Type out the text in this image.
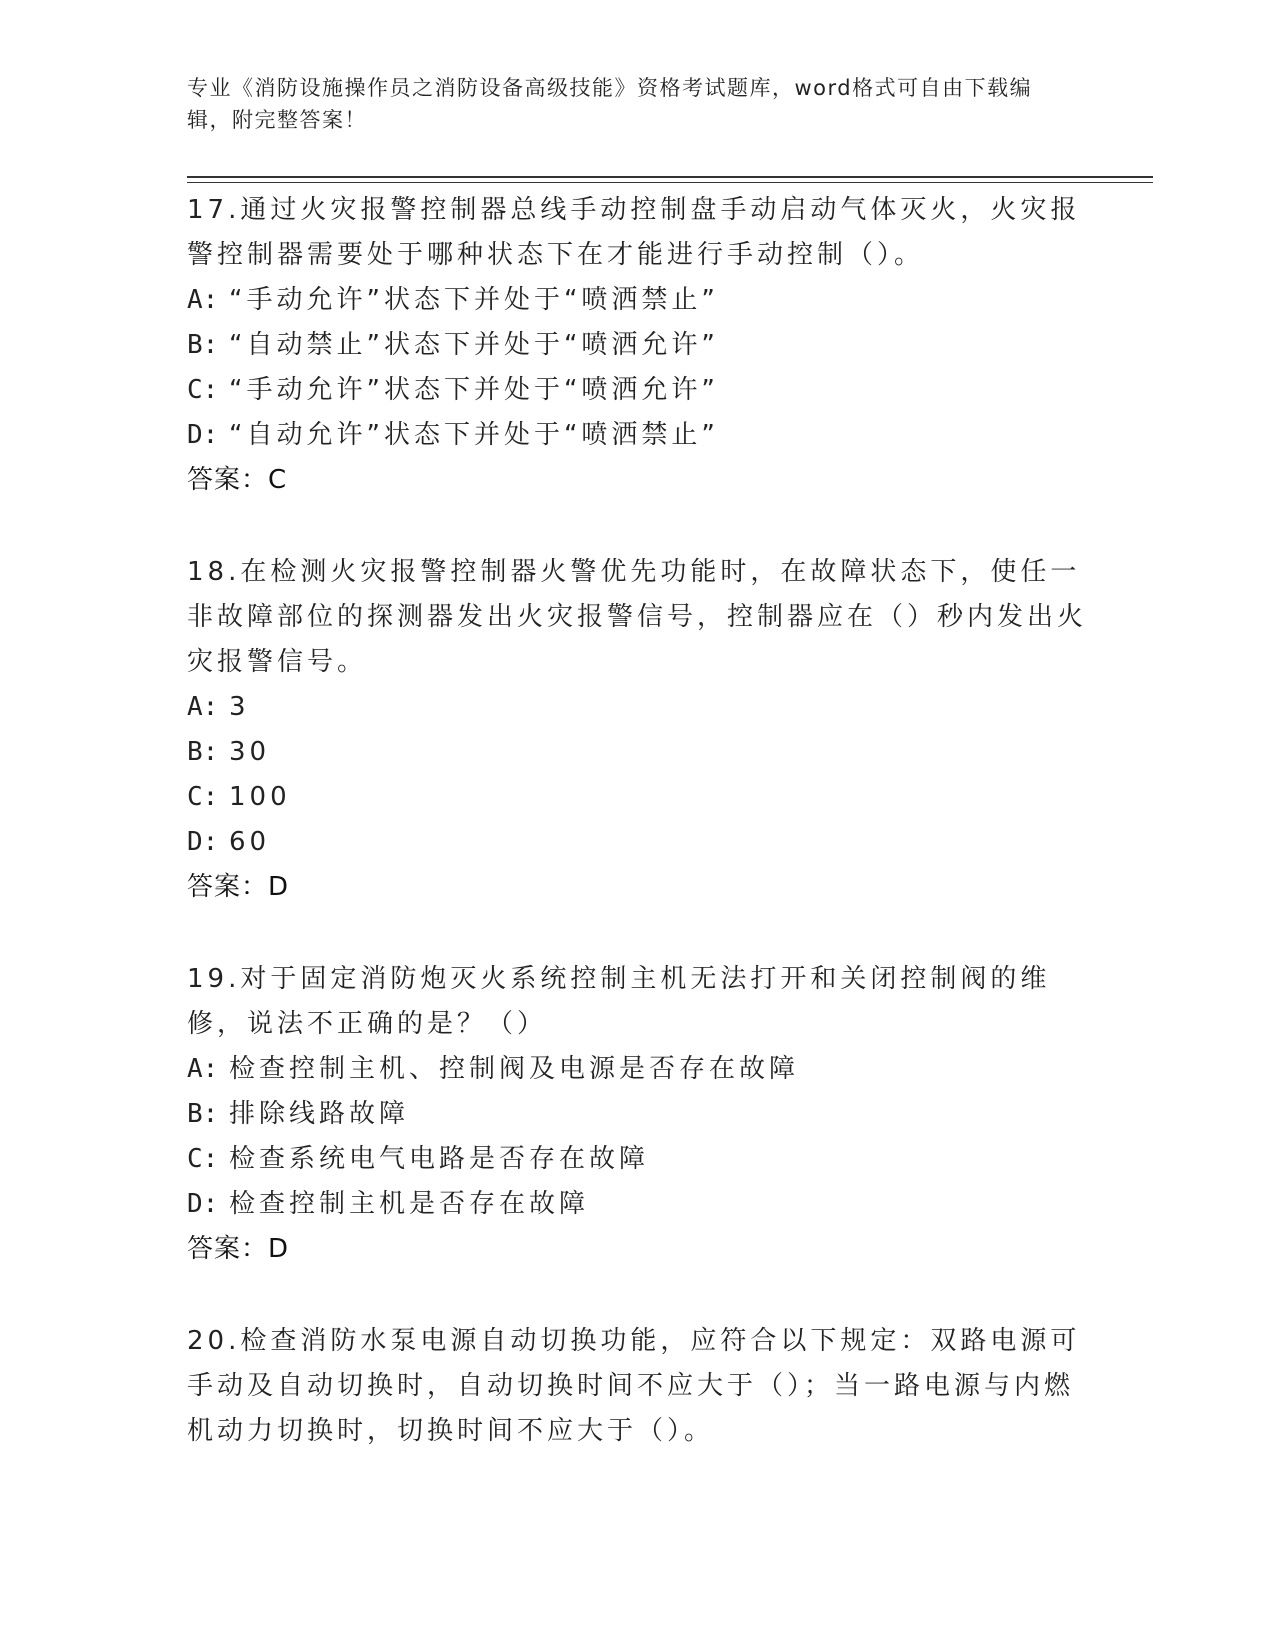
专业《消防设施操作员之消防设备高级技能》资格考试题库，word格式可自由下载编辑，附完整答案！
17.通过火灾报警控制器总线手动控制盘手动启动气体灭火，火灾报警控制器需要处于哪种状态下在才能进行手动控制（）。
A: “手动允许”状态下并处于“喷洒禁止”
B: “自动禁止”状态下并处于“喷洒允许”
C: “手动允许”状态下并处于“喷洒允许”
D: “自动允许”状态下并处于“喷洒禁止”
答案：C
18.在检测火灾报警控制器火警优先功能时，在故障状态下，使任一非故障部位的探测器发出火灾报警信号，控制器应在（）秒内发出火灾报警信号。
A: 3
B: 30
C: 100
D: 60
答案：D
19.对于固定消防炮灭火系统控制主机无法打开和关闭控制阀的维修，说法不正确的是？（）
A: 检查控制主机、控制阀及电源是否存在故障
B: 排除线路故障
C: 检查系统电气电路是否存在故障
D: 检查控制主机是否存在故障
答案：D
20.检查消防水泵电源自动切换功能，应符合以下规定：双路电源可手动及自动切换时，自动切换时间不应大于（）；当一路电源与内燃机动力切换时，切换时间不应大于（）。
